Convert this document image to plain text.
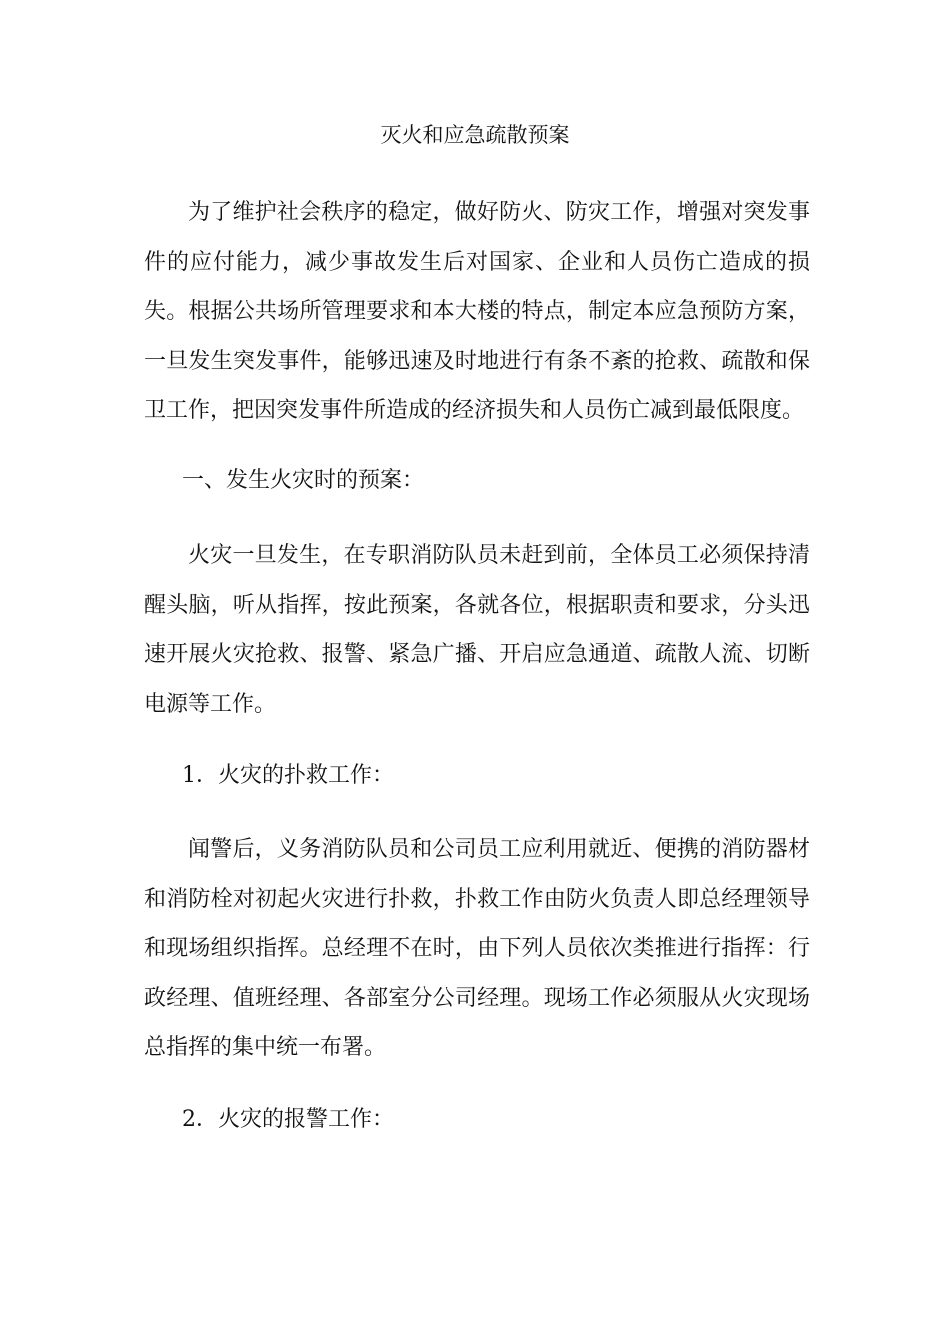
灭火和应急疏散预案

为了维护社会秩序的稳定，做好防火、防灾工作，增强对突发事件的应付能力，减少事故发生后对国家、企业和人员伤亡造成的损失。根据公共场所管理要求和本大楼的特点，制定本应急预防方案，一旦发生突发事件，能够迅速及时地进行有条不紊的抢救、疏散和保卫工作，把因突发事件所造成的经济损失和人员伤亡减到最低限度。

一、发生火灾时的预案：

火灾一旦发生，在专职消防队员未赶到前，全体员工必须保持清醒头脑，听从指挥，按此预案，各就各位，根据职责和要求，分头迅速开展火灾抢救、报警、紧急广播、开启应急通道、疏散人流、切断电源等工作。

1．火灾的扑救工作：

闻警后，义务消防队员和公司员工应利用就近、便携的消防器材和消防栓对初起火灾进行扑救，扑救工作由防火负责人即总经理领导和现场组织指挥。总经理不在时，由下列人员依次类推进行指挥：行政经理、值班经理、各部室分公司经理。现场工作必须服从火灾现场总指挥的集中统一布署。

2．火灾的报警工作：
